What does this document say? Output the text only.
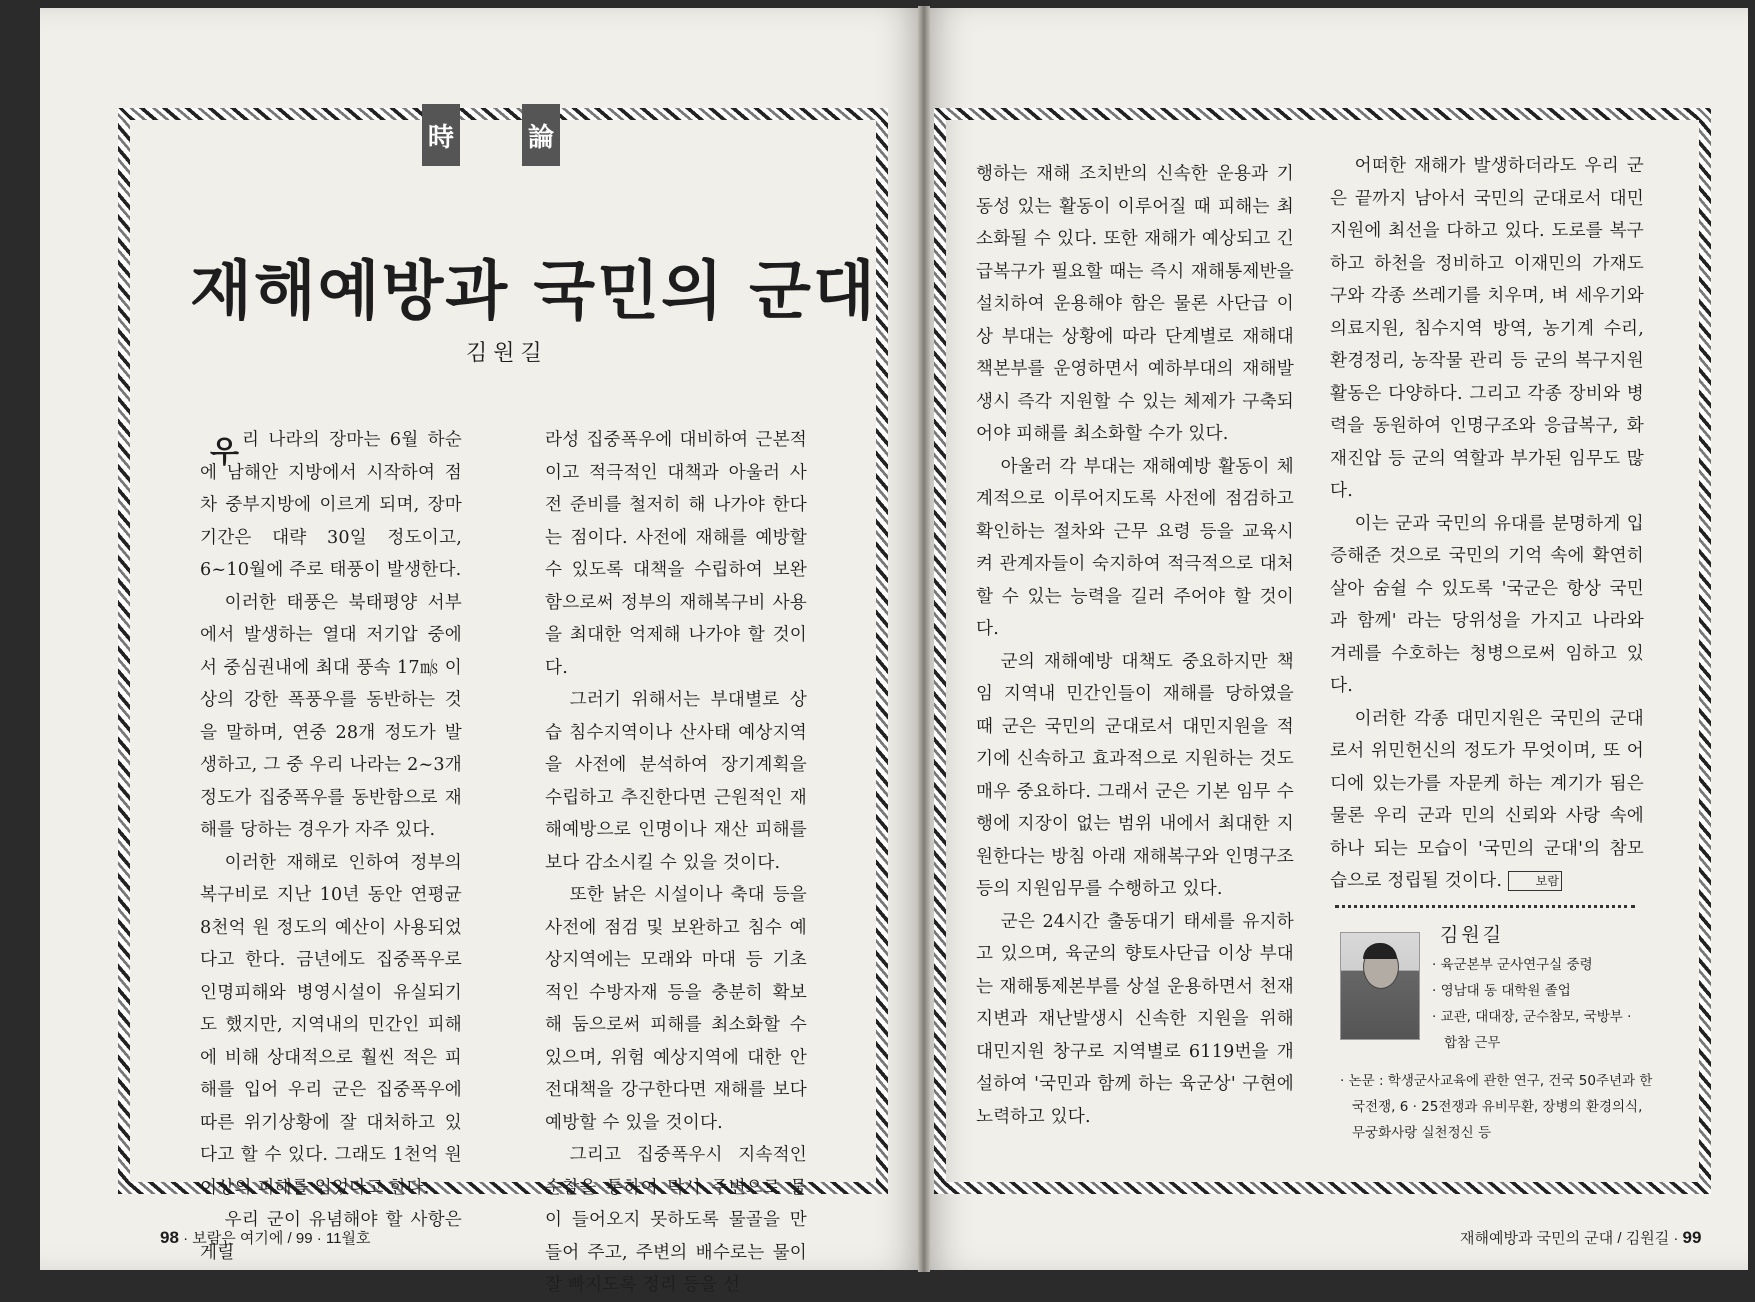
時	論
재해예방과 국민의 군대
김원길
우 리 나라의 장마는 6월 하순에 남해안 지방에서 시작하여 점차 중부지방에 이르게 되며, 장마 기간은 대략 30일 정도이고, 6~10월에 주로 태풍이 발생한다.

이러한 태풍은 북태평양 서부에서 발생하는 열대 저기압 중에서 중심권내에 최대 풍속 17㎧ 이상의 강한 폭풍우를 동반하는 것을 말하며, 연중 28개 정도가 발생하고, 그 중 우리 나라는 2~3개 정도가 집중폭우를 동반함으로 재해를 당하는 경우가 자주 있다.

이러한 재해로 인하여 정부의 복구비로 지난 10년 동안 연평균 8천억 원 정도의 예산이 사용되었다고 한다. 금년에도 집중폭우로 인명피해와 병영시설이 유실되기도 했지만, 지역내의 민간인 피해에 비해 상대적으로 훨씬 적은 피해를 입어 우리 군은 집중폭우에 따른 위기상황에 잘 대처하고 있다고 할 수 있다. 그래도 1천억 원 이상의 피해를 입었다고 한다.

우리 군이 유념해야 할 사항은 게릴

라성 집중폭우에 대비하여 근본적이고 적극적인 대책과 아울러 사전 준비를 철저히 해 나가야 한다는 점이다. 사전에 재해를 예방할 수 있도록 대책을 수립하여 보완함으로써 정부의 재해복구비 사용을 최대한 억제해 나가야 할 것이다.

그러기 위해서는 부대별로 상습 침수지역이나 산사태 예상지역을 사전에 분석하여 장기계획을 수립하고 추진한다면 근원적인 재해예방으로 인명이나 재산 피해를 보다 감소시킬 수 있을 것이다.

또한 낡은 시설이나 축대 등을 사전에 점검 및 보완하고 침수 예상지역에는 모래와 마대 등 기초적인 수방자재 등을 충분히 확보해 둠으로써 피해를 최소화할 수 있으며, 위험 예상지역에 대한 안전대책을 강구한다면 재해를 보다 예방할 수 있을 것이다.

그리고 집중폭우시 지속적인 순찰을 통하여 막사 주변으로 물이 들어오지 못하도록 물골을 만들어 주고, 주변의 배수로는 물이 잘 빠지도록 정리 등을 선

행하는 재해 조치반의 신속한 운용과 기동성 있는 활동이 이루어질 때 피해는 최소화될 수 있다. 또한 재해가 예상되고 긴급복구가 필요할 때는 즉시 재해통제반을 설치하여 운용해야 함은 물론 사단급 이상 부대는 상황에 따라 단계별로 재해대책본부를 운영하면서 예하부대의 재해발생시 즉각 지원할 수 있는 체제가 구축되어야 피해를 최소화할 수가 있다.

아울러 각 부대는 재해예방 활동이 체계적으로 이루어지도록 사전에 점검하고 확인하는 절차와 근무 요령 등을 교육시켜 관계자들이 숙지하여 적극적으로 대처할 수 있는 능력을 길러 주어야 할 것이다.

군의 재해예방 대책도 중요하지만 책임 지역내 민간인들이 재해를 당하였을 때 군은 국민의 군대로서 대민지원을 적기에 신속하고 효과적으로 지원하는 것도 매우 중요하다. 그래서 군은 기본 임무 수행에 지장이 없는 범위 내에서 최대한 지원한다는 방침 아래 재해복구와 인명구조 등의 지원임무를 수행하고 있다.

군은 24시간 출동대기 태세를 유지하고 있으며, 육군의 향토사단급 이상 부대는 재해통제본부를 상설 운용하면서 천재지변과 재난발생시 신속한 지원을 위해 대민지원 창구로 지역별로 6119번을 개설하여 '국민과 함께 하는 육군상' 구현에 노력하고 있다.

어떠한 재해가 발생하더라도 우리 군은 끝까지 남아서 국민의 군대로서 대민지원에 최선을 다하고 있다. 도로를 복구하고 하천을 정비하고 이재민의 가재도구와 각종 쓰레기를 치우며, 벼 세우기와 의료지원, 침수지역 방역, 농기계 수리, 환경정리, 농작물 관리 등 군의 복구지원 활동은 다양하다. 그리고 각종 장비와 병력을 동원하여 인명구조와 응급복구, 화재진압 등 군의 역할과 부가된 임무도 많다.

이는 군과 국민의 유대를 분명하게 입증해준 것으로 국민의 기억 속에 확연히 살아 숨쉴 수 있도록 '국군은 항상 국민과 함께' 라는 당위성을 가지고 나라와 겨레를 수호하는 청병으로써 임하고 있다.

이러한 각종 대민지원은 국민의 군대로서 위민헌신의 정도가 무엇이며, 또 어디에 있는가를 자문케 하는 계기가 됨은 물론 우리 군과 민의 신뢰와 사랑 속에 하나 되는 모습이 '국민의 군대'의 참모습으로 정립될 것이다.	보람

김원길
· 육군본부 군사연구실 중령
· 영남대 동 대학원 졸업
· 교관, 대대장, 군수참모, 국방부 · 합참 근무
· 논문 : 학생군사교육에 관한 연구, 건국 50주년과 한국전쟁, 6 · 25전쟁과 유비무환, 장병의 환경의식, 무궁화사랑 실천정신 등
98 · 보람은 여기에 / 99 · 11월호	재해예방과 국민의 군대 / 김원길 · 99
